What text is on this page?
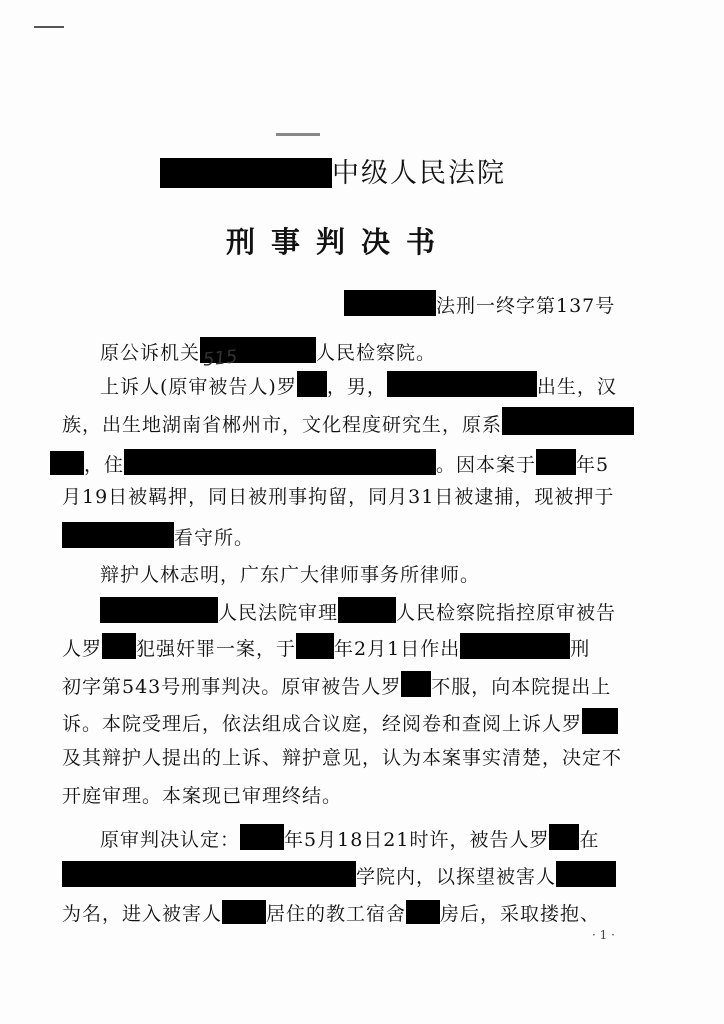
中级人民法院
刑事判决书
法刑一终字第137号
原公诉机关	人民检察院。
515
上诉人(原审被告人)罗 ，男，	出生，汉
族，出生地湖南省郴州市，文化程度研究生，原系
，住	。因本案于 年5
月19日被羁押，同日被刑事拘留，同月31日被逮捕，现被押于
看守所。
辩护人林志明，广东广大律师事务所律师。
人民法院审理	人民检察院指控原审被告
人罗 犯强奸罪一案，于 年2月1日作出	刑
初字第543号刑事判决。原审被告人罗 不服，向本院提出上
诉。本院受理后，依法组成合议庭，经阅卷和查阅上诉人罗
及其辩护人提出的上诉、辩护意见，认为本案事实清楚，决定不
开庭审理。本案现已审理终结。
原审判决认定： 年5月18日21时许，被告人罗 在
学院内，以探望被害人
为名，进入被害人 居住的教工宿舍 房后，采取搂抱、
· 1 ·
